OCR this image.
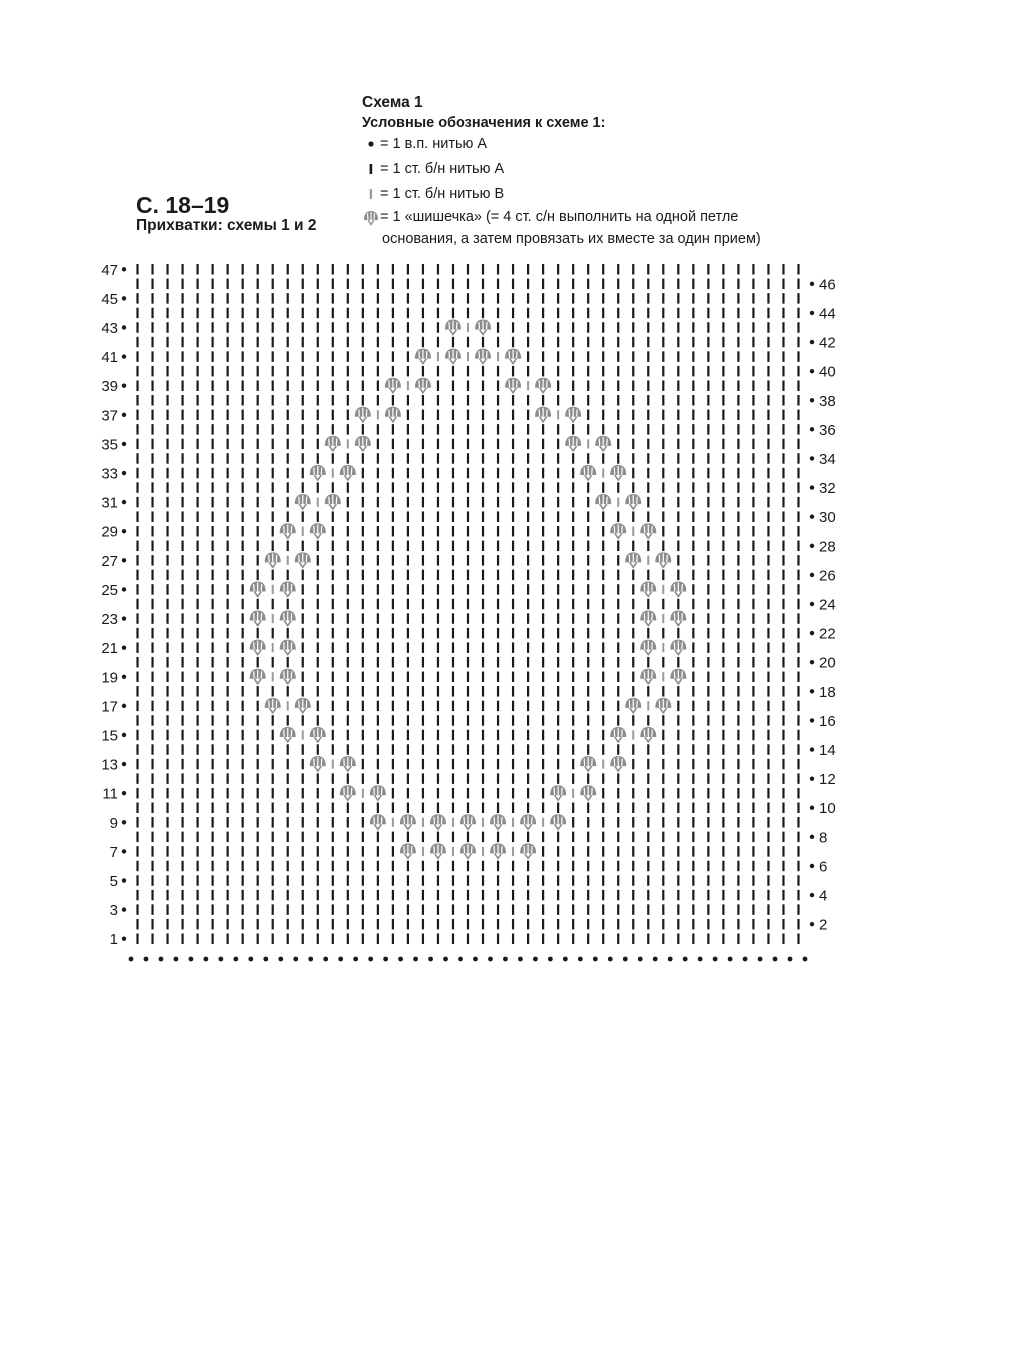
С. 18–19
Прихватки: схемы 1 и 2
Схема 1
Условные обозначения к схеме 1:
= 1 в.п. нитью А
= 1 ст. б/н нитью А
= 1 ст. б/н нитью В
= 1 «шишечка» (= 4 ст. с/н выполнить на одной петле
основания, а затем провязать их вместе за один прием)
47
45
43
41
39
37
35
33
31
29
27
25
23
21
19
17
15
13
11
9
7
5
3
1
46
44
42
40
38
36
34
32
30
28
26
24
22
20
18
16
14
12
10
8
6
4
2
